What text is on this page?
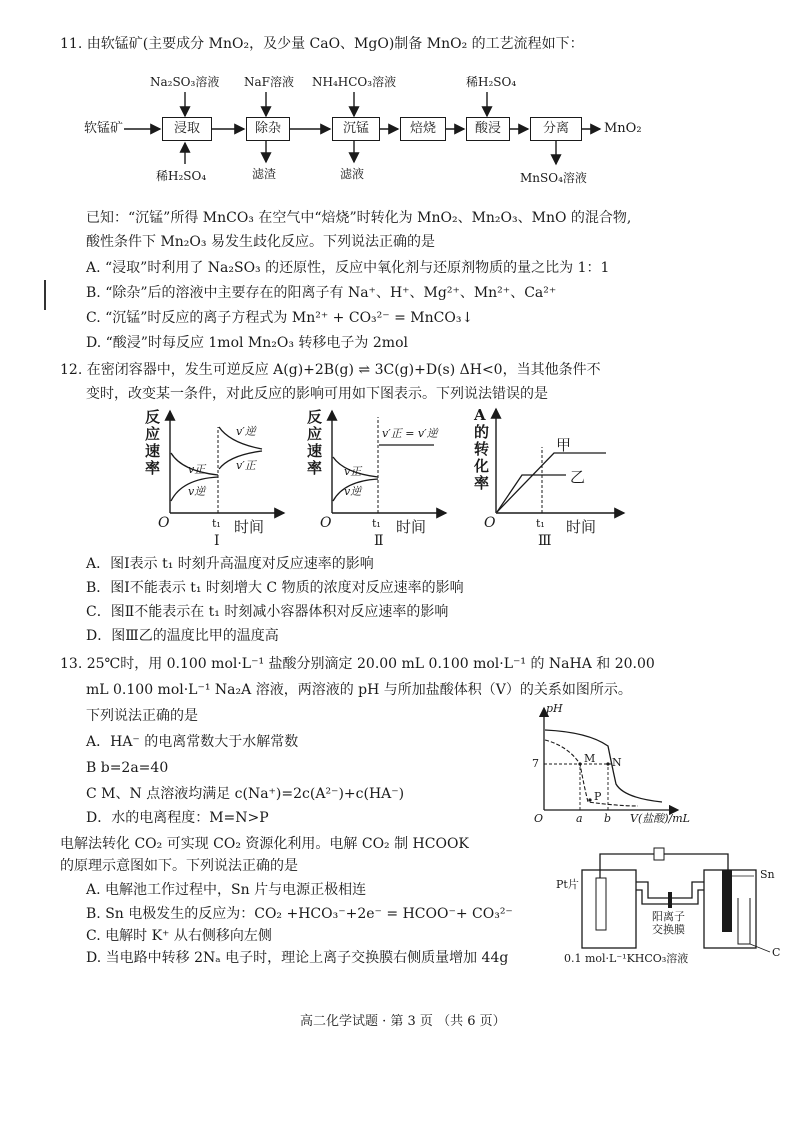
11. 由软锰矿(主要成分 MnO₂，及少量 CaO、MgO)制备 MnO₂ 的工艺流程如下：
软锰矿	浸取	除杂	沉锰	焙烧	酸浸	分离	MnO₂
Na₂SO₃溶液 NaF溶液 NH₄HCO₃溶液	稀H₂SO₄
稀H₂SO₄	滤渣	滤液	MnSO₄溶液
已知：“沉锰”所得 MnCO₃ 在空气中“焙烧”时转化为 MnO₂、Mn₂O₃、MnO 的混合物,
酸性条件下 Mn₂O₃ 易发生歧化反应。下列说法正确的是
A. “浸取”时利用了 Na₂SO₃ 的还原性，反应中氧化剂与还原剂物质的量之比为 1：1
B. “除杂”后的溶液中主要存在的阳离子有 Na⁺、H⁺、Mg²⁺、Mn²⁺、Ca²⁺
C. “沉锰”时反应的离子方程式为 Mn²⁺ + CO₃²⁻ = MnCO₃↓
D. “酸浸”时每反应 1mol Mn₂O₃ 转移电子为 2mol
12. 在密闭容器中，发生可逆反应 A(g)+2B(g) ⇌ 3C(g)+D(s) ΔH<0，当其他条件不
变时，改变某一条件，对此反应的影响可用如下图表示。下列说法错误的是
反应速率
O	t₁ 时间
v正
v逆
v′逆
v′正
Ⅰ
反应速率
O	t₁ 时间
v正
v逆
v′正 = v′逆
Ⅱ
A的转化率
O	t₁ 时间
甲
乙
Ⅲ
A．图Ⅰ表示 t₁ 时刻升高温度对反应速率的影响
B．图Ⅰ不能表示 t₁ 时刻增大 C 物质的浓度对反应速率的影响
C．图Ⅱ不能表示在 t₁ 时刻减小容器体积对反应速率的影响
D．图Ⅲ乙的温度比甲的温度高
13. 25℃时，用 0.100 mol·L⁻¹ 盐酸分别滴定 20.00 mL 0.100 mol·L⁻¹ 的 NaHA 和 20.00
mL 0.100 mol·L⁻¹ Na₂A 溶液，两溶液的 pH 与所加盐酸体积（V）的关系如图所示。
下列说法正确的是
A．HA⁻ 的电离常数大于水解常数
B b=2a=40
C M、N 点溶液均满足 c(Na⁺)=2c(A²⁻)+c(HA⁻)
D．水的电离程度：M=N>P
pH
7
O	a b V(盐酸)/mL
M N
P
电解法转化 CO₂ 可实现 CO₂ 资源化利用。电解 CO₂ 制 HCOOK
的原理示意图如下。下列说法正确的是
A. 电解池工作过程中，Sn 片与电源正极相连
B. Sn 电极发生的反应为：CO₂ +HCO₃⁻+2e⁻ = HCOO⁻+ CO₃²⁻
C. 电解时 K⁺ 从右侧移向左侧
D. 当电路中转移 2Nₐ 电子时，理论上离子交换膜右侧质量增加 44g
Pt片
Sn
阳离子
交换膜
0.1 mol·L⁻¹KHCO₃溶液	C
高二化学试题 · 第 3 页 （共 6 页）
